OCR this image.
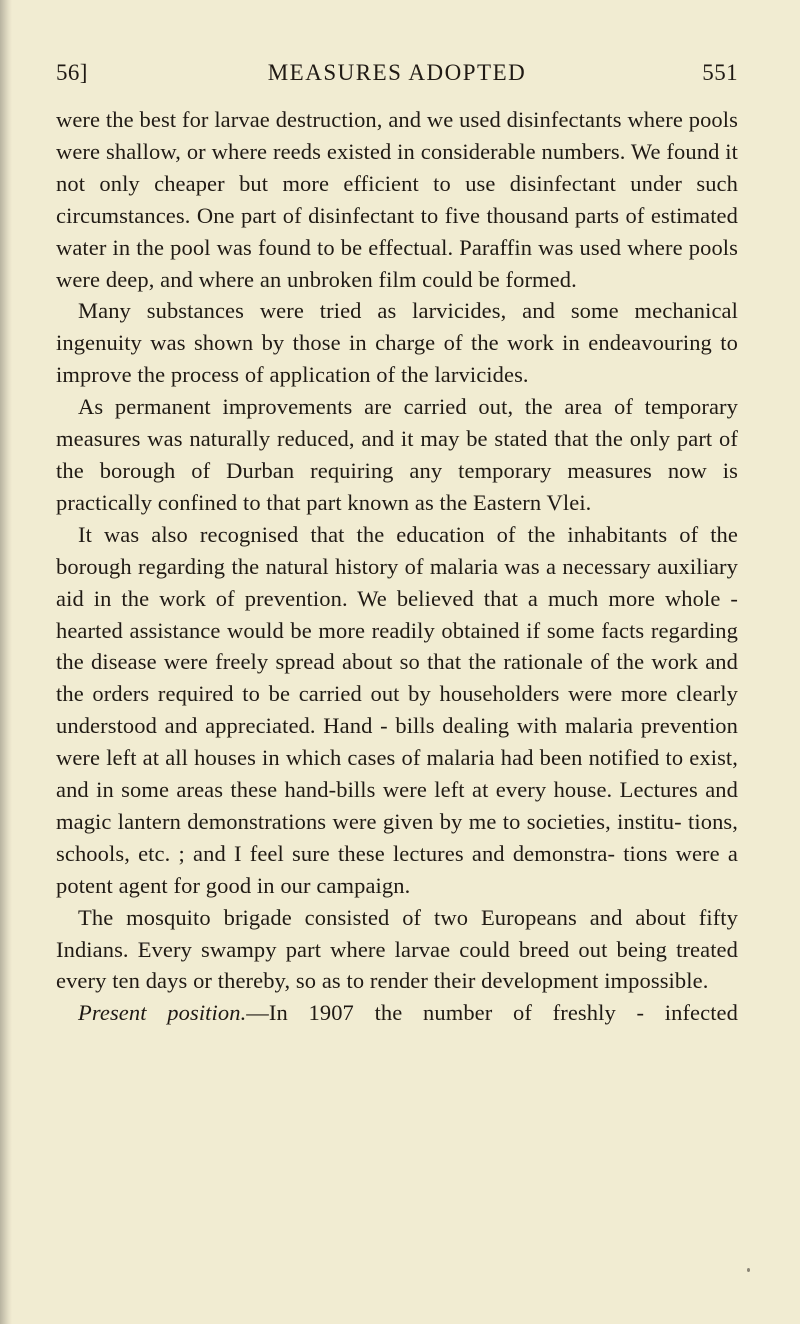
56]	MEASURES ADOPTED	551

were the best for larvae destruction, and we used disinfectants where pools were shallow, or where reeds existed in considerable numbers. We found it not only cheaper but more efficient to use disinfectant under such circumstances. One part of disinfectant to five thousand parts of estimated water in the pool was found to be effectual. Paraffin was used where pools were deep, and where an unbroken film could be formed.

Many substances were tried as larvicides, and some mechanical ingenuity was shown by those in charge of the work in endeavouring to improve the process of application of the larvicides.

As permanent improvements are carried out, the area of temporary measures was naturally reduced, and it may be stated that the only part of the borough of Durban requiring any temporary measures now is practically confined to that part known as the Eastern Vlei.

It was also recognised that the education of the inhabitants of the borough regarding the natural history of malaria was a necessary auxiliary aid in the work of prevention. We believed that a much more whole - hearted assistance would be more readily obtained if some facts regarding the disease were freely spread about so that the rationale of the work and the orders required to be carried out by householders were more clearly understood and appreciated. Hand - bills dealing with malaria prevention were left at all houses in which cases of malaria had been notified to exist, and in some areas these hand-bills were left at every house. Lectures and magic lantern demonstrations were given by me to societies, institu- tions, schools, etc. ; and I feel sure these lectures and demonstra- tions were a potent agent for good in our campaign.

The mosquito brigade consisted of two Europeans and about fifty Indians. Every swampy part where larvae could breed out being treated every ten days or thereby, so as to render their development impossible.

Present position.—In 1907 the number of freshly - infected
